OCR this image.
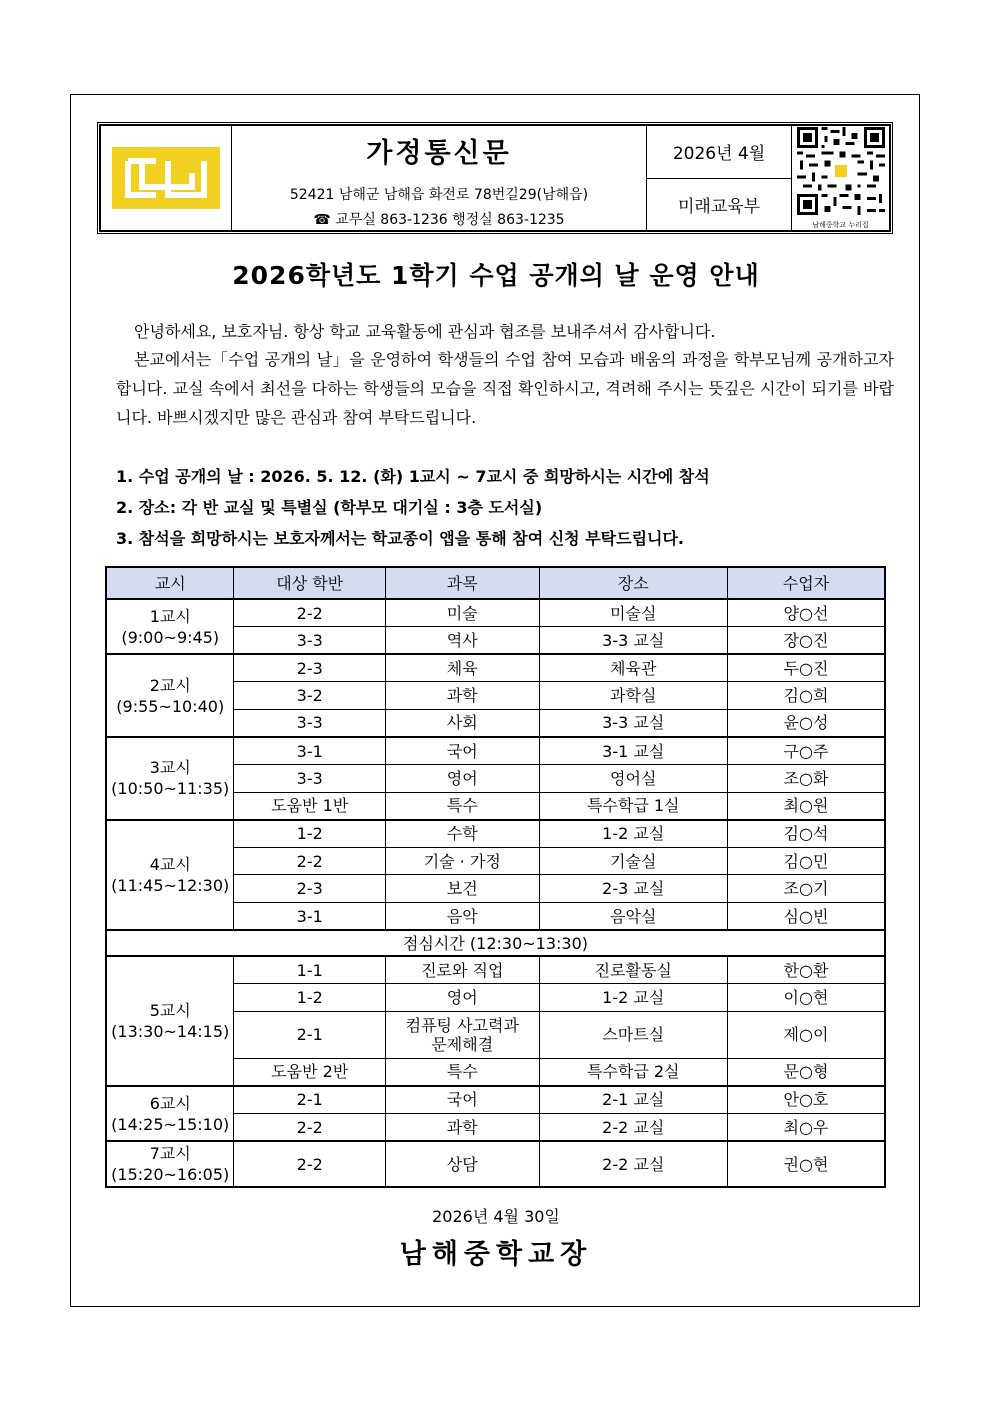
가정통신문
52421 남해군 남해읍 화전로 78번길29(남해읍)
☎ 교무실 863-1236 행정실 863-1235
	2026년 4월	
남해중학교 누리집

미래교육부
2026학년도 1학기 수업 공개의 날 운영 안내
안녕하세요, 보호자님. 항상 학교 교육활동에 관심과 협조를 보내주셔서 감사합니다.
본교에서는「수업 공개의 날」을 운영하여 학생들의 수업 참여 모습과 배움의 과정을 학부모님께 공개하고자 합니다. 교실 속에서 최선을 다하는 학생들의 모습을 직접 확인하시고, 격려해 주시는 뜻깊은 시간이 되기를 바랍니다. 바쁘시겠지만 많은 관심과 참여 부탁드립니다.
1. 수업 공개의 날 : 2026. 5. 12. (화) 1교시 ~ 7교시 중 희망하시는 시간에 참석
2. 장소: 각 반 교실 및 특별실 (학부모 대기실 : 3층 도서실)
3. 참석을 희망하시는 보호자께서는 학교종이 앱을 통해 참여 신청 부탁드립니다.
교시	대상 학반	과목	장소	수업자

1교시
(9:00~9:45)	2-2	미술	미술실	양○선
	3-3	역사	3-3 교실	장○진

2교시
(9:55~10:40)	2-3	체육	체육관	두○진
	3-2	과학	과학실	김○희
	3-3	사회	3-3 교실	윤○성

3교시
(10:50~11:35)	3-1	국어	3-1 교실	구○주
	3-3	영어	영어실	조○화
	도움반 1반	특수	특수학급 1실	최○원

4교시
(11:45~12:30)	1-2	수학	1-2 교실	김○석
	2-2	기술 · 가정	기술실	김○민
	2-3	보건	2-3 교실	조○기
	3-1	음악	음악실	심○빈
점심시간 (12:30~13:30)				

5교시
(13:30~14:15)	1-1	진로와 직업	진로활동실	한○환
	1-2	영어	1-2 교실	이○현
	2-1	컴퓨팅 사고력과
문제해결	스마트실	제○이
	도움반 2반	특수	특수학급 2실	문○형

6교시
(14:25~15:10)	2-1	국어	2-1 교실	안○호
	2-2	과학	2-2 교실	최○우

7교시
(15:20~16:05)	2-2	상담	2-2 교실	권○현
2026년 4월 30일
남해중학교장
